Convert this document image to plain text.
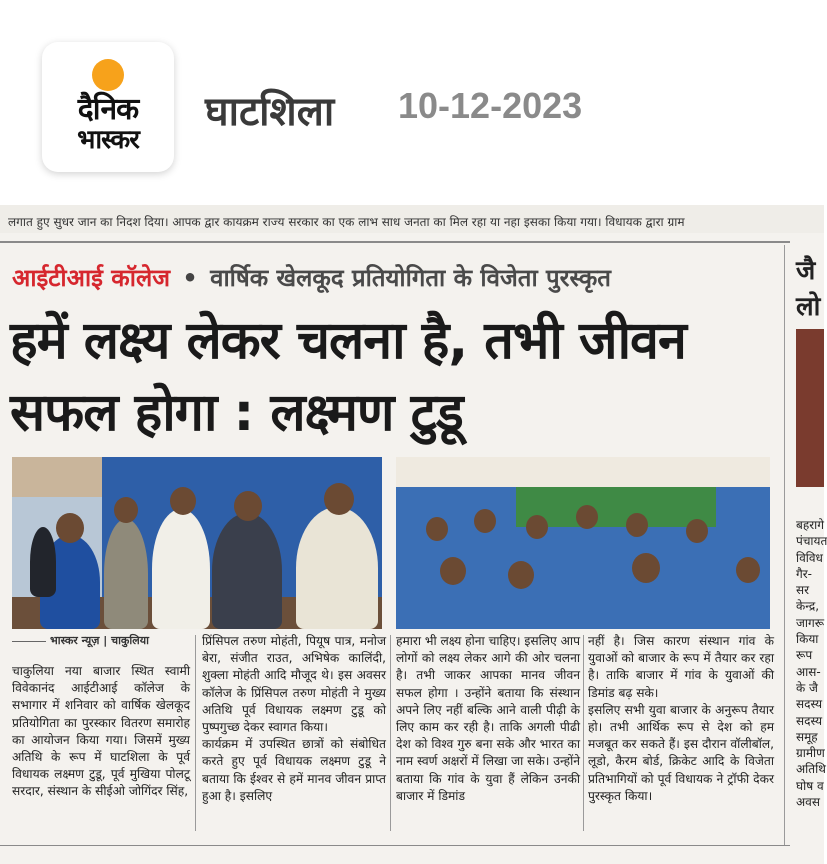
दैनिक
भास्कर
घाटशिला 10-12-2023
लगात हुए सुधर जान का निदश दिया। आपक द्वार कायक्रम राज्य सरकार का एक लाभ साध जनता का मिल रहा या नहा इसका किया गया। विधायक द्वारा ग्राम
आईटीआई कॉलेज • वार्षिक खेलकूद प्रतियोगिता के विजेता पुरस्कृत
हमें लक्ष्य लेकर चलना है, तभी जीवन सफल होगा : लक्ष्मण टुडू
भास्कर न्यूज़ | चाकुलिया
चाकुलिया नया बाजार स्थित स्वामी विवेकानंद आईटीआई कॉलेज के सभागार में शनिवार को वार्षिक खेलकूद प्रतियोगिता का पुरस्कार वितरण समारोह का आयोजन किया गया। जिसमें मुख्य अतिथि के रूप में घाटशिला के पूर्व विधायक लक्ष्मण टुडू, पूर्व मुखिया पोलटू सरदार, संस्थान के सीईओ जोगिंदर सिंह,
प्रिंसिपल तरुण मोहंती, पियूष पात्र, मनोज बेरा, संजीत राउत, अभिषेक कालिंदी, शुक्ला मोहंती आदि मौजूद थे। इस अवसर कॉलेज के प्रिंसिपल तरुण मोहंती ने मुख्य अतिथि पूर्व विधायक लक्ष्मण टुडू को पुष्पगुच्छ देकर स्वागत किया।
कार्यक्रम में उपस्थित छात्रों को संबोधित करते हुए पूर्व विधायक लक्ष्मण टुडू ने बताया कि ईश्वर से हमें मानव जीवन प्राप्त हुआ है। इसलिए
हमारा भी लक्ष्य होना चाहिए। इसलिए आप लोगों को लक्ष्य लेकर आगे की ओर चलना है। तभी जाकर आपका मानव जीवन सफल होगा । उन्होंने बताया कि संस्थान अपने लिए नहीं बल्कि आने वाली पीढ़ी के लिए काम कर रही है। ताकि अगली पीढी देश को विश्व गुरु बना सके और भारत का नाम स्वर्ण अक्षरों में लिखा जा सके। उन्होंने बताया कि गांव के युवा हैं लेकिन उनकी बाजार में डिमांड
नहीं है। जिस कारण संस्थान गांव के युवाओं को बाजार के रूप में तैयार कर रहा है। ताकि बाजार में गांव के युवाओं की डिमांड बढ़ सके।
इसलिए सभी युवा बाजार के अनुरूप तैयार हो। तभी आर्थिक रूप से देश को हम मजबूत कर सकते हैं। इस दौरान वॉलीबॉल, लूडो, कैरम बोर्ड, क्रिकेट आदि के विजेता प्रतिभागियों को पूर्व विधायक ने ट्रॉफी देकर पुरस्कृत किया।
जै
लो
बहरागे
पंचायत
विविध
गैर-सर
केन्द्र,
जागरू
किया
रूप
आस-
के जै
सदस्य
सदस्य
समूह
ग्रामीण
अतिथि
घोष व
अवस
